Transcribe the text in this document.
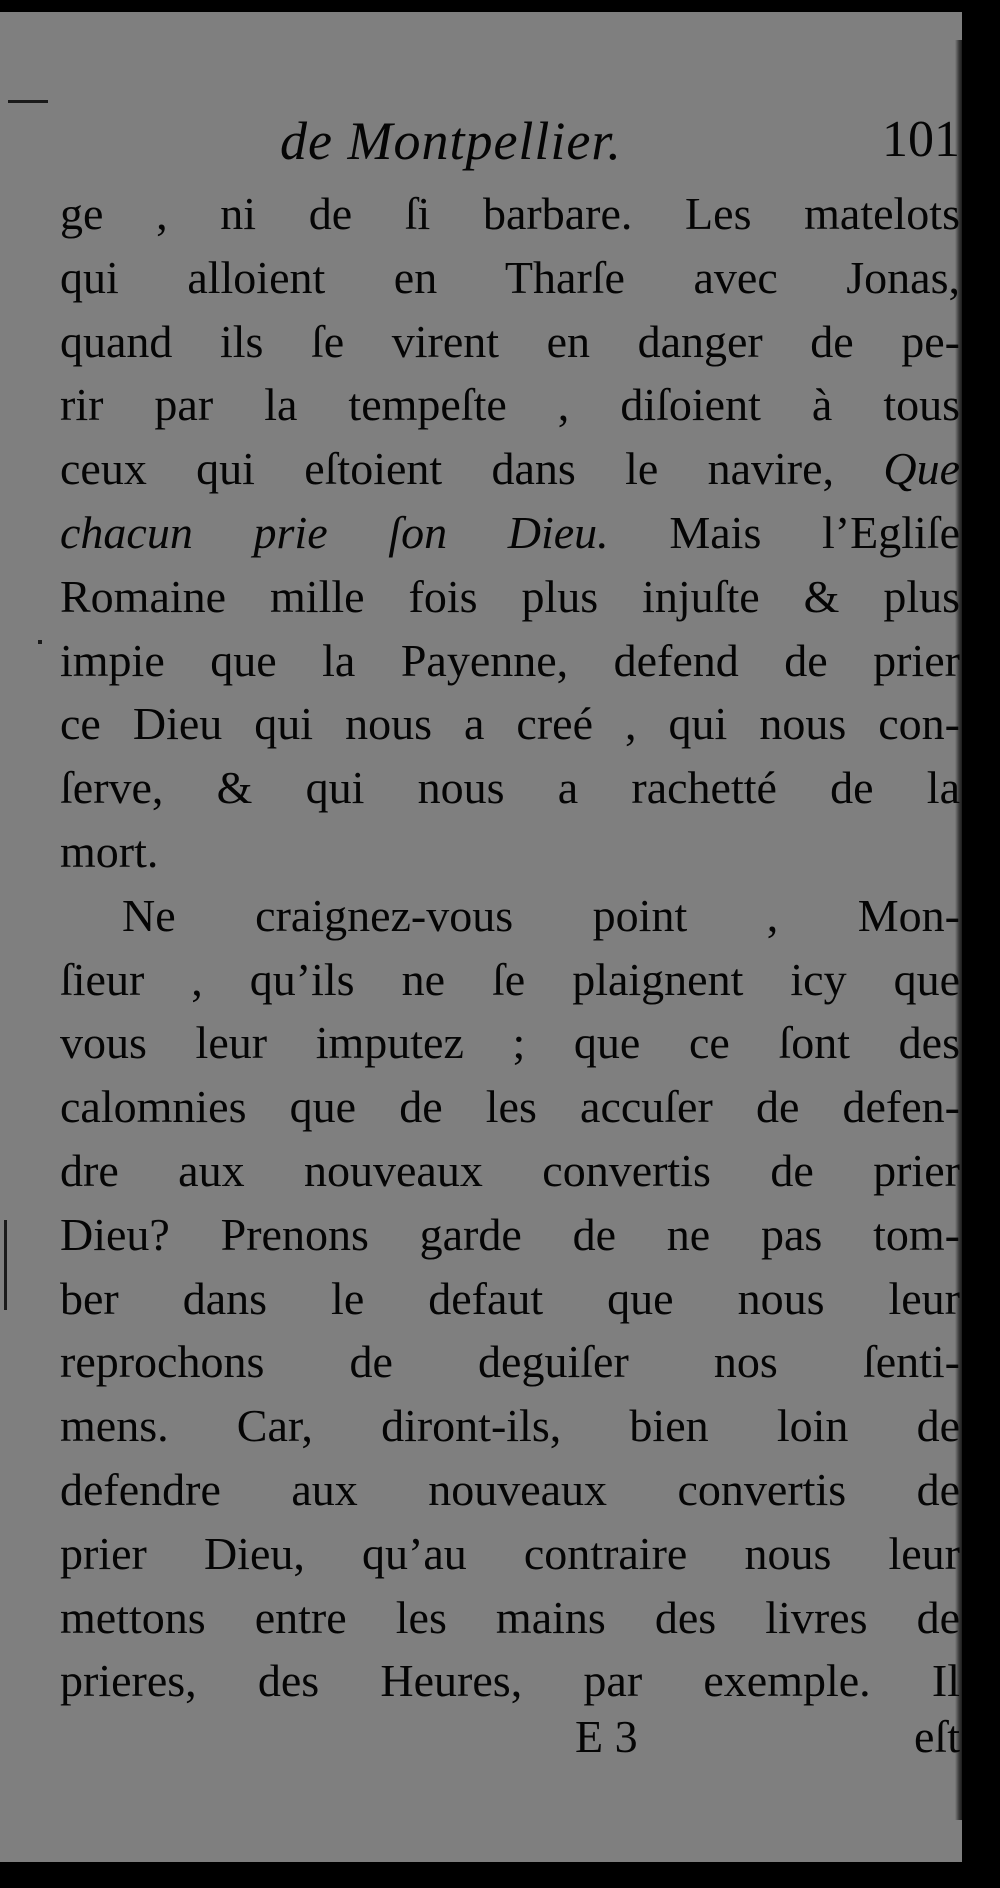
de Montpellier.	101
ge , ni de ſi barbare. Les matelots
qui alloient en Tharſe avec Jonas,
quand ils ſe virent en danger de pe-
rir par la tempeſte , diſoient à tous
ceux qui eſtoient dans le navire, Que
chacun prie ſon Dieu. Mais l’Egliſe
Romaine mille fois plus injuſte & plus
impie que la Payenne, defend de prier
ce Dieu qui nous a creé , qui nous con-
ſerve, & qui nous a rachetté de la
mort.
Ne craignez-vous point , Mon-
ſieur , qu’ils ne ſe plaignent icy que
vous leur imputez ; que ce ſont des
calomnies que de les accuſer de defen-
dre aux nouveaux convertis de prier
Dieu? Prenons garde de ne pas tom-
ber dans le defaut que nous leur
reprochons de deguiſer nos ſenti-
mens. Car, diront-ils, bien loin de
defendre aux nouveaux convertis de
prier Dieu, qu’au contraire nous leur
mettons entre les mains des livres de
prieres, des Heures, par exemple. Il
E 3	eſt
